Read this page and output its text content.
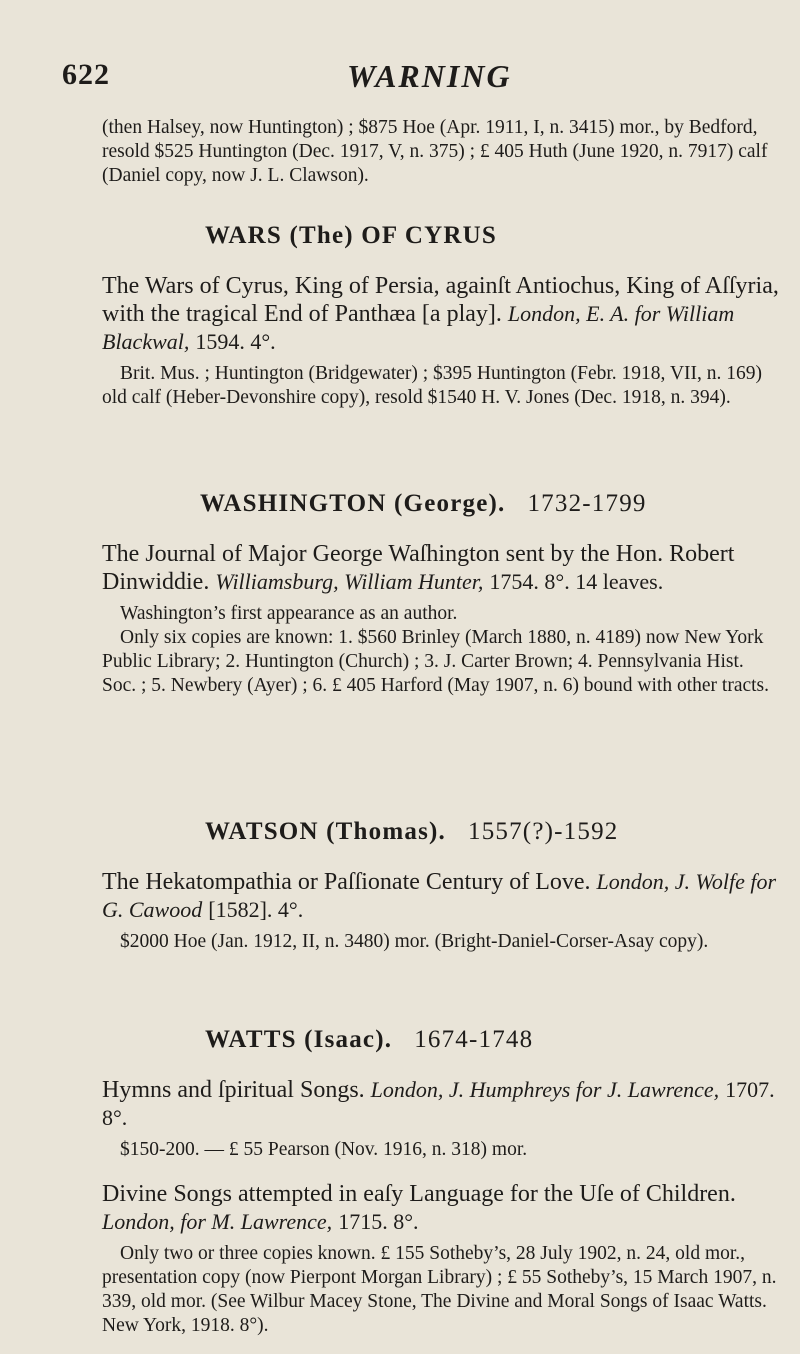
622	WARNING

(then Halsey, now Huntington) ; $875 Hoe (Apr. 1911, I, n. 3415) mor., by Bedford, resold $525 Huntington (Dec. 1917, V, n. 375) ; £ 405 Huth (June 1920, n. 7917) calf (Daniel copy, now J. L. Clawson).

WARS (The) OF CYRUS

The Wars of Cyrus, King of Persia, againſt Antiochus, King of Aſſyria, with the tragical End of Panthæa [a play]. London, E. A. for William Blackwal, 1594. 4°.

Brit. Mus. ; Huntington (Bridgewater) ; $395 Huntington (Febr. 1918, VII, n. 169) old calf (Heber-Devonshire copy), resold $1540 H. V. Jones (Dec. 1918, n. 394).

WASHINGTON (George). 1732-1799

The Journal of Major George Waſhington sent by the Hon. Robert Dinwiddie. Williamsburg, William Hunter, 1754. 8°. 14 leaves.

Washington’s first appearance as an author.

Only six copies are known: 1. $560 Brinley (March 1880, n. 4189) now New York Public Library; 2. Huntington (Church) ; 3. J. Carter Brown; 4. Pennsylvania Hist. Soc. ; 5. Newbery (Ayer) ; 6. £ 405 Harford (May 1907, n. 6) bound with other tracts.

WATSON (Thomas). 1557(?)-1592

The Hekatompathia or Paſſionate Century of Love. London, J. Wolfe for G. Cawood [1582]. 4°.

$2000 Hoe (Jan. 1912, II, n. 3480) mor. (Bright-Daniel-Corser-Asay copy).

WATTS (Isaac). 1674-1748

Hymns and ſpiritual Songs. London, J. Humphreys for J. Lawrence, 1707. 8°.

$150-200. — £ 55 Pearson (Nov. 1916, n. 318) mor.

Divine Songs attempted in eaſy Language for the Uſe of Children. London, for M. Lawrence, 1715. 8°.

Only two or three copies known. £ 155 Sotheby’s, 28 July 1902, n. 24, old mor., presentation copy (now Pierpont Morgan Library) ; £ 55 Sotheby’s, 15 March 1907, n. 339, old mor. (See Wilbur Macey Stone, The Divine and Moral Songs of Isaac Watts. New York, 1918. 8°).
